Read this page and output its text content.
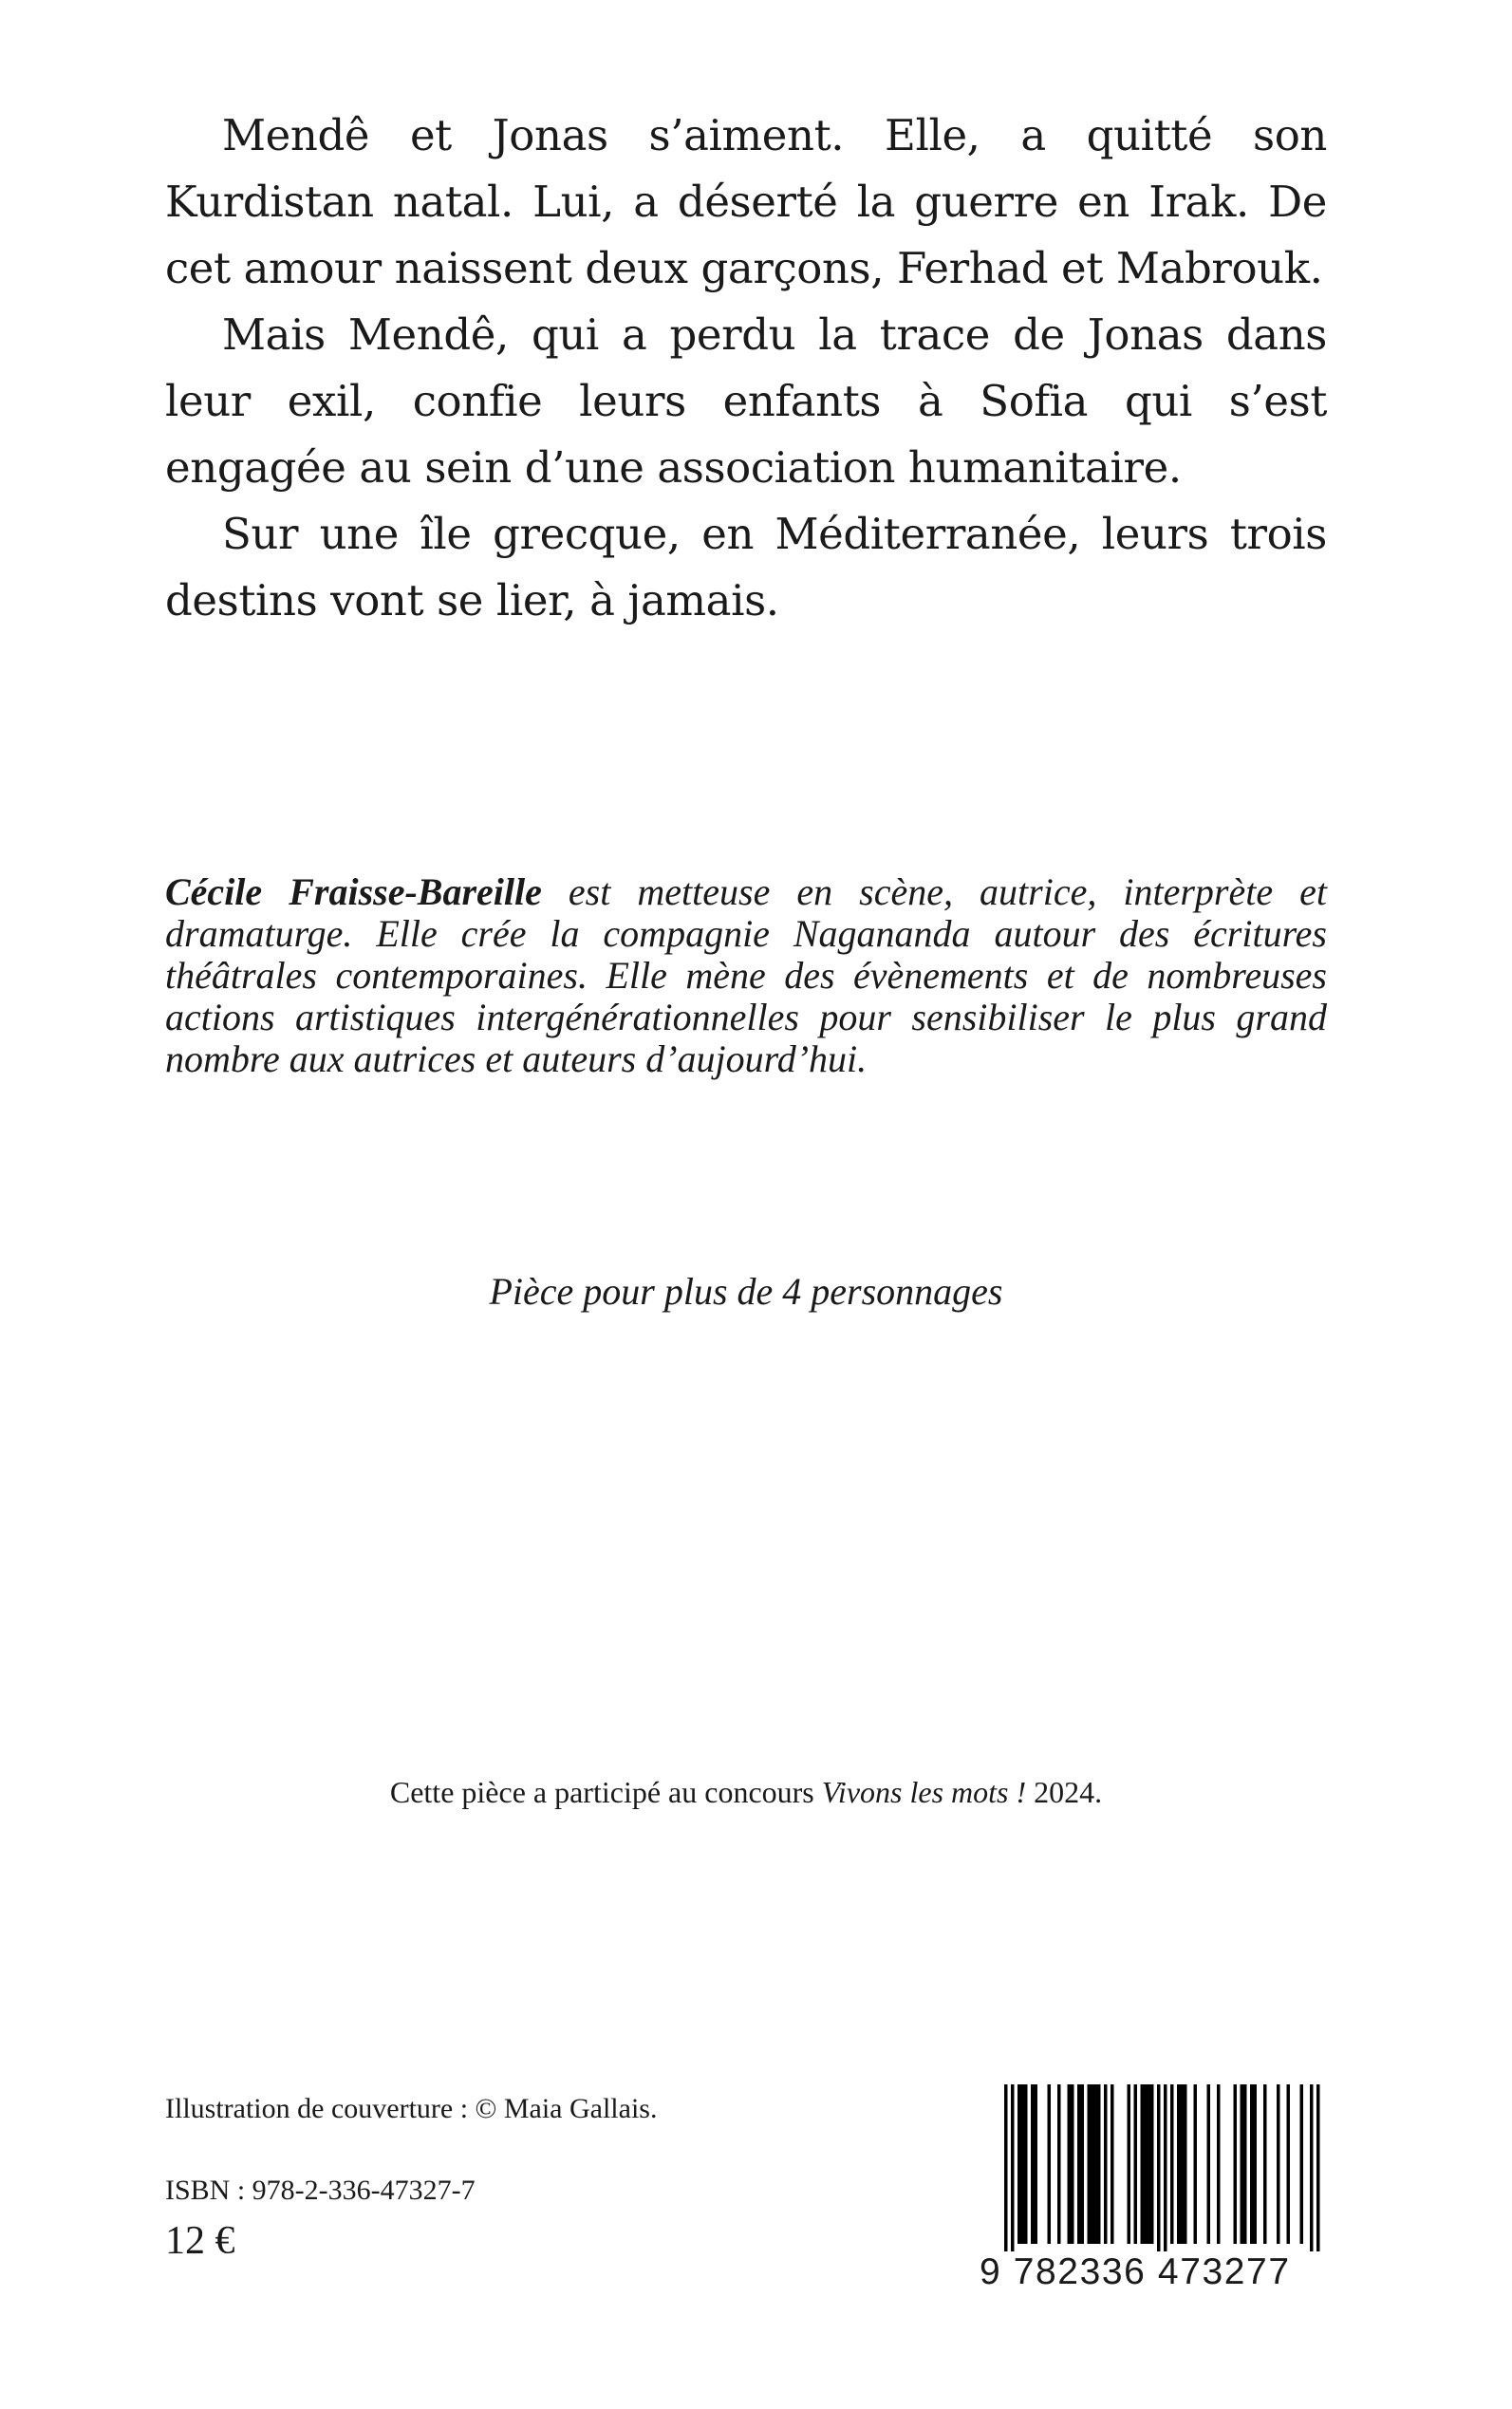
Mendê et Jonas s’aiment. Elle, a quitté son Kurdistan natal. Lui, a déserté la guerre en Irak. De cet amour naissent deux garçons, Ferhad et Mabrouk.

Mais Mendê, qui a perdu la trace de Jonas dans leur exil, confie leurs enfants à Sofia qui s’est engagée au sein d’une association humanitaire.

Sur une île grecque, en Méditerranée, leurs trois destins vont se lier, à jamais.

Cécile Fraisse-Bareille est metteuse en scène, autrice, interprète et dramaturge. Elle crée la compagnie Nagananda autour des écritures théâtrales contemporaines. Elle mène des évènements et de nombreuses actions artistiques intergénérationnelles pour sensibiliser le plus grand nombre aux autrices et auteurs d’aujourd’hui.

Pièce pour plus de 4 personnages
Cette pièce a participé au concours Vivons les mots ! 2024.
Illustration de couverture : © Maia Gallais.
ISBN : 978-2-336-47327-7
12 €
9 782336 473277
